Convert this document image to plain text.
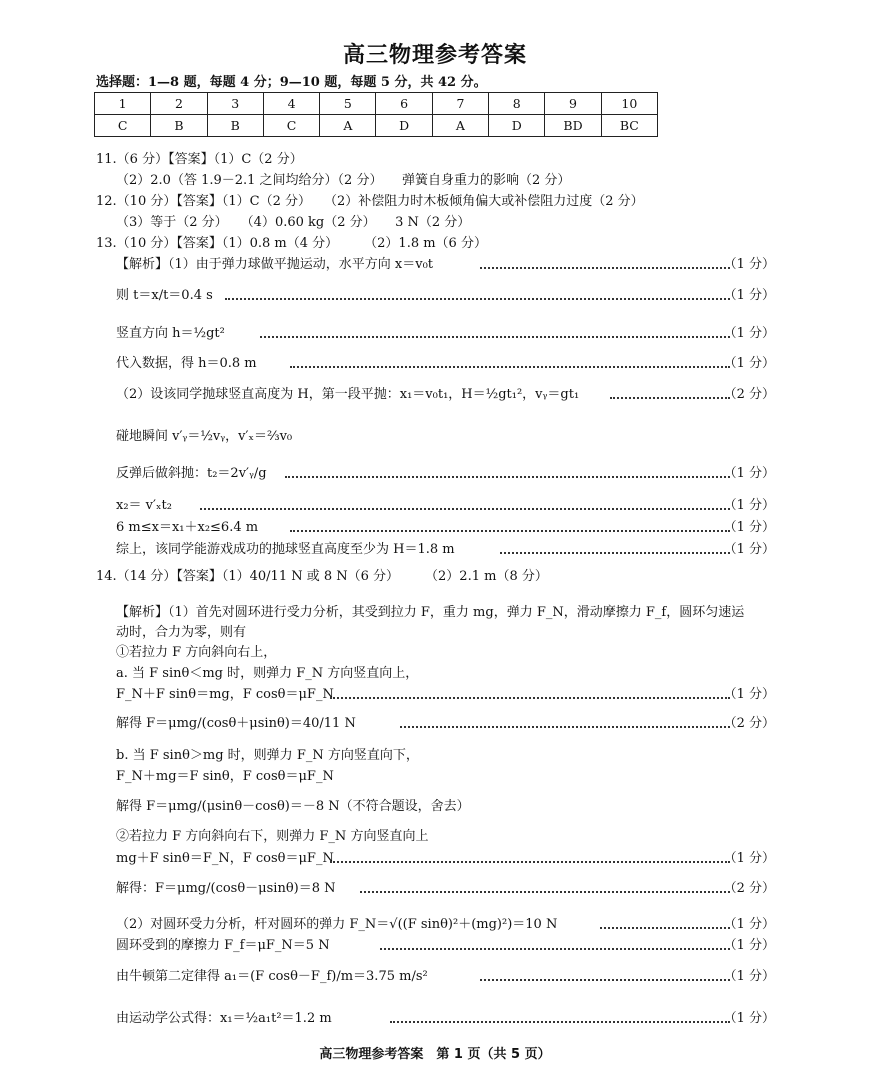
高三物理参考答案
选择题：1—8 题，每题 4 分；9—10 题，每题 5 分，共 42 分。
1	2	3	4	5	6	7	8	9	10
C	B	B	C	A	D	A	D	BD	BC
11.（6 分）【答案】（1）C（2 分）
（2）2.0（答 1.9－2.1 之间均给分）（2 分）　　弹簧自身重力的影响（2 分）
12.（10 分）【答案】（1）C（2 分）　　（2）补偿阻力时木板倾角偏大或补偿阻力过度（2 分）
（3）等于（2 分）　　（4）0.60 kg（2 分）　　3 N（2 分）
13.（10 分）【答案】（1）0.8 m（4 分）　　　（2）1.8 m（6 分）
【解析】（1）由于弹力球做平抛运动，水平方向 x＝v₀t	（1 分）
则 t＝x/t＝0.4 s	（1 分）
竖直方向 h＝½gt²	（1 分）
代入数据，得 h＝0.8 m	（1 分）
（2）设该同学抛球竖直高度为 H，第一段平抛：x₁＝v₀t₁，H＝½gt₁²，vᵧ＝gt₁	（2 分）
碰地瞬间 v′ᵧ＝½vᵧ，v′ₓ＝⅔v₀
反弹后做斜抛：t₂＝2v′ᵧ/g	（1 分）
x₂＝ v′ₓt₂	（1 分）
6 m≤x＝x₁＋x₂≤6.4 m	（1 分）
综上，该同学能游戏成功的抛球竖直高度至少为 H＝1.8 m	（1 分）
14.（14 分）【答案】（1）40/11 N 或 8 N（6 分）　　　（2）2.1 m（8 分）
【解析】（1）首先对圆环进行受力分析，其受到拉力 F，重力 mg，弹力 F_N，滑动摩擦力 F_f，圆环匀速运
动时，合力为零，则有
①若拉力 F 方向斜向右上，
a. 当 F sinθ＜mg 时，则弹力 F_N 方向竖直向上，
F_N＋F sinθ＝mg，F cosθ＝μF_N	（1 分）
解得 F＝μmg/(cosθ＋μsinθ)＝40/11 N	（2 分）
b. 当 F sinθ＞mg 时，则弹力 F_N 方向竖直向下，
F_N＋mg＝F sinθ，F cosθ＝μF_N
解得 F＝μmg/(μsinθ－cosθ)＝－8 N（不符合题设，舍去）
②若拉力 F 方向斜向右下，则弹力 F_N 方向竖直向上
mg＋F sinθ＝F_N，F cosθ＝μF_N	（1 分）
解得：F＝μmg/(cosθ－μsinθ)＝8 N	（2 分）
（2）对圆环受力分析，杆对圆环的弹力 F_N＝√((F sinθ)²＋(mg)²)＝10 N	（1 分）
圆环受到的摩擦力 F_f＝μF_N＝5 N	（1 分）
由牛顿第二定律得 a₁＝(F cosθ－F_f)/m＝3.75 m/s²	（1 分）
由运动学公式得：x₁＝½a₁t²＝1.2 m	（1 分）
高三物理参考答案　第 1 页（共 5 页）
